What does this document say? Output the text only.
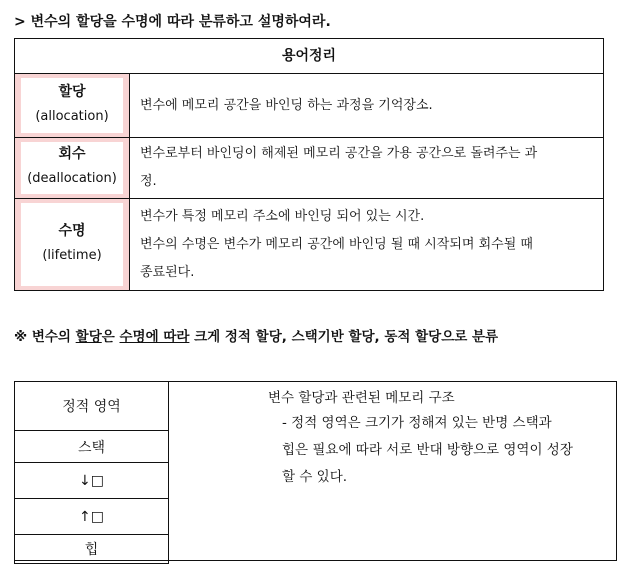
> 변수의 할당을 수명에 따라 분류하고 설명하여라.
용어정리
할당
(allocation)
변수에 메모리 공간을 바인딩 하는 과정을 기억장소.
회수
(deallocation)
변수로부터 바인딩이 해제된 메모리 공간을 가용 공간으로 돌려주는 과
정.
수명
(lifetime)
변수가 특정 메모리 주소에 바인딩 되어 있는 시간.
변수의 수명은 변수가 메모리 공간에 바인딩 될 때 시작되며 회수될 때
종료된다.
※ 변수의 할당은 수명에 따라 크게 정적 할당, 스택기반 할당, 동적 할당으로 분류
정적 영역
스택
↓□
↑□
힙
변수 할당과 관련된 메모리 구조
- 정적 영역은 크기가 정해져 있는 반명 스택과
힙은 필요에 따라 서로 반대 방향으로 영역이 성장
할 수 있다.
